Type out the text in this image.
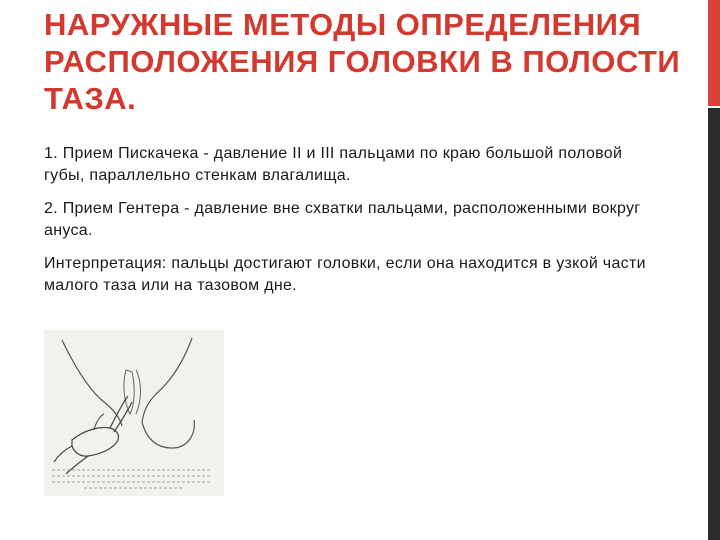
НАРУЖНЫЕ МЕТОДЫ ОПРЕДЕЛЕНИЯ РАСПОЛОЖЕНИЯ ГОЛОВКИ В ПОЛОСТИ ТАЗА.

1. Прием Пискачека - давление II и III пальцами по краю большой половой губы, параллельно стенкам влагалища.

2. Прием Гентера - давление вне схватки пальцами, расположенными вокруг ануса.

Интерпретация: пальцы достигают головки, если она находится в узкой части малого таза или на тазовом дне.
